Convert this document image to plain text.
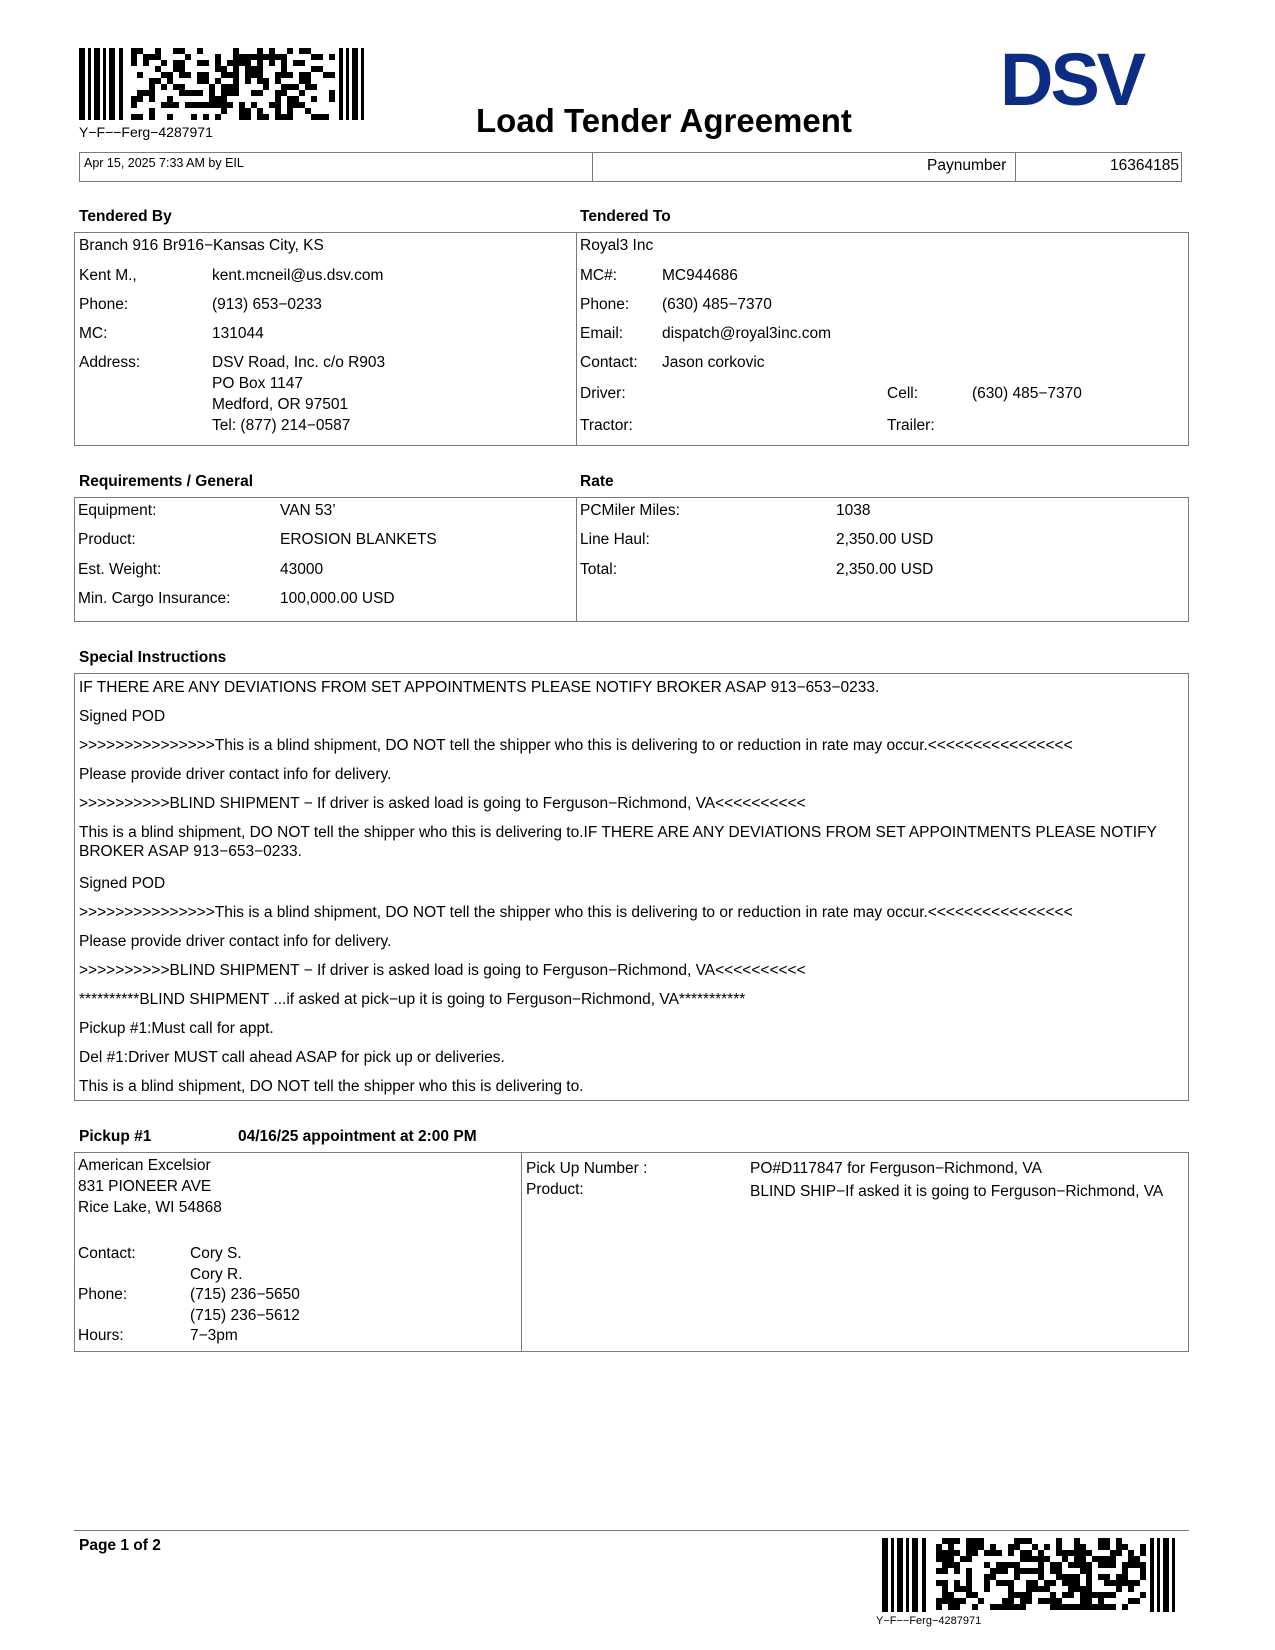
Y−F−−Ferg−4287971	Load Tender Agreement DSV
Apr 15, 2025 7:33 AM by EIL	Paynumber	16364185
Tendered By	Tendered To
Branch 916 Br916−Kansas City, KS
Kent M.,	kent.mcneil@us.dsv.com
Phone:	(913) 653−0233
MC:	131044
Address:	DSV Road, Inc. c/o R903
PO Box 1147
Medford, OR 97501
Tel: (877) 214−0587
Royal3 Inc
MC#:	MC944686
Phone: (630) 485−7370
Email:	dispatch@royal3inc.com
Contact: Jason corkovic
Driver:	Cell:	(630) 485−7370
Tractor:	Trailer:
Requirements / General	Rate
Equipment:	VAN 53’
Product:	EROSION BLANKETS
Est. Weight:	43000
Min. Cargo Insurance:	100,000.00 USD
PCMiler Miles:	1038
Line Haul:	2,350.00 USD
Total:	2,350.00 USD
Special Instructions
IF THERE ARE ANY DEVIATIONS FROM SET APPOINTMENTS PLEASE NOTIFY BROKER ASAP 913−653−0233.
Signed POD
>>>>>>>>>>>>>>>This is a blind shipment, DO NOT tell the shipper who this is delivering to or reduction in rate may occur.<<<<<<<<<<<<<<<<
Please provide driver contact info for delivery.
>>>>>>>>>>BLIND SHIPMENT − If driver is asked load is going to Ferguson−Richmond, VA<<<<<<<<<<
This is a blind shipment, DO NOT tell the shipper who this is delivering to.IF THERE ARE ANY DEVIATIONS FROM SET APPOINTMENTS PLEASE NOTIFY BROKER ASAP 913−653−0233.
Signed POD
>>>>>>>>>>>>>>>This is a blind shipment, DO NOT tell the shipper who this is delivering to or reduction in rate may occur.<<<<<<<<<<<<<<<<
Please provide driver contact info for delivery.
>>>>>>>>>>BLIND SHIPMENT − If driver is asked load is going to Ferguson−Richmond, VA<<<<<<<<<<
**********BLIND SHIPMENT ...if asked at pick−up it is going to Ferguson−Richmond, VA***********
Pickup #1:Must call for appt.
Del #1:Driver MUST call ahead ASAP for pick up or deliveries.
This is a blind shipment, DO NOT tell the shipper who this is delivering to.
Pickup #1	04/16/25 appointment at 2:00 PM
American Excelsior
831 PIONEER AVE
Rice Lake, WI 54868
Contact:	Cory S.
Cory R.
Phone:	(715) 236−5650
(715) 236−5612
Hours:	7−3pm
Pick Up Number :	PO#D117847 for Ferguson−Richmond, VA
Product:	BLIND SHIP−If asked it is going to Ferguson−Richmond, VA
Page 1 of 2
Y−F−−Ferg−4287971
